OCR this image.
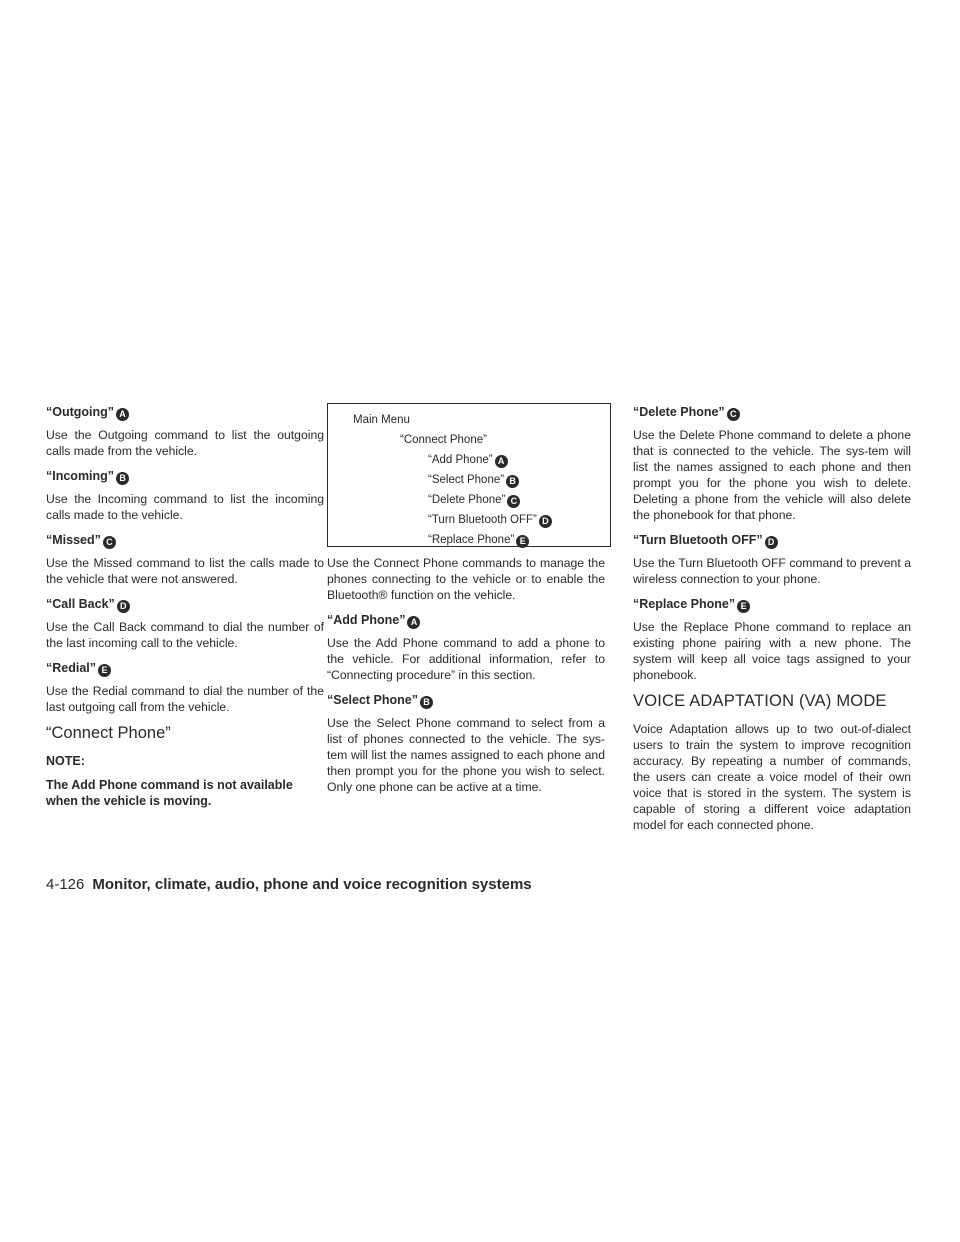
“Outgoing” A
Use the Outgoing command to list the outgoing calls made from the vehicle.
“Incoming” B
Use the Incoming command to list the incoming calls made to the vehicle.
“Missed” C
Use the Missed command to list the calls made to the vehicle that were not answered.
“Call Back” D
Use the Call Back command to dial the number of the last incoming call to the vehicle.
“Redial” E
Use the Redial command to dial the number of the last outgoing call from the vehicle.
“Connect Phone”
NOTE:
The Add Phone command is not available when the vehicle is moving.
Main Menu
“Connect Phone”
“Add Phone” A
“Select Phone” B
“Delete Phone” C
“Turn Bluetooth OFF” D
“Replace Phone” E
Use the Connect Phone commands to manage the phones connecting to the vehicle or to enable the Bluetooth® function on the vehicle.
“Add Phone” A
Use the Add Phone command to add a phone to the vehicle. For additional information, refer to “Connecting procedure” in this section.
“Select Phone” B
Use the Select Phone command to select from a list of phones connected to the vehicle. The sys-tem will list the names assigned to each phone and then prompt you for the phone you wish to select. Only one phone can be active at a time.
“Delete Phone” C
Use the Delete Phone command to delete a phone that is connected to the vehicle. The sys-tem will list the names assigned to each phone and then prompt you for the phone you wish to delete. Deleting a phone from the vehicle will also delete the phonebook for that phone.
“Turn Bluetooth OFF” D
Use the Turn Bluetooth OFF command to prevent a wireless connection to your phone.
“Replace Phone” E
Use the Replace Phone command to replace an existing phone pairing with a new phone. The system will keep all voice tags assigned to your phonebook.
VOICE ADAPTATION (VA) MODE
Voice Adaptation allows up to two out-of-dialect users to train the system to improve recognition accuracy. By repeating a number of commands, the users can create a voice model of their own voice that is stored in the system. The system is capable of storing a different voice adaptation model for each connected phone.
4-126 Monitor, climate, audio, phone and voice recognition systems
